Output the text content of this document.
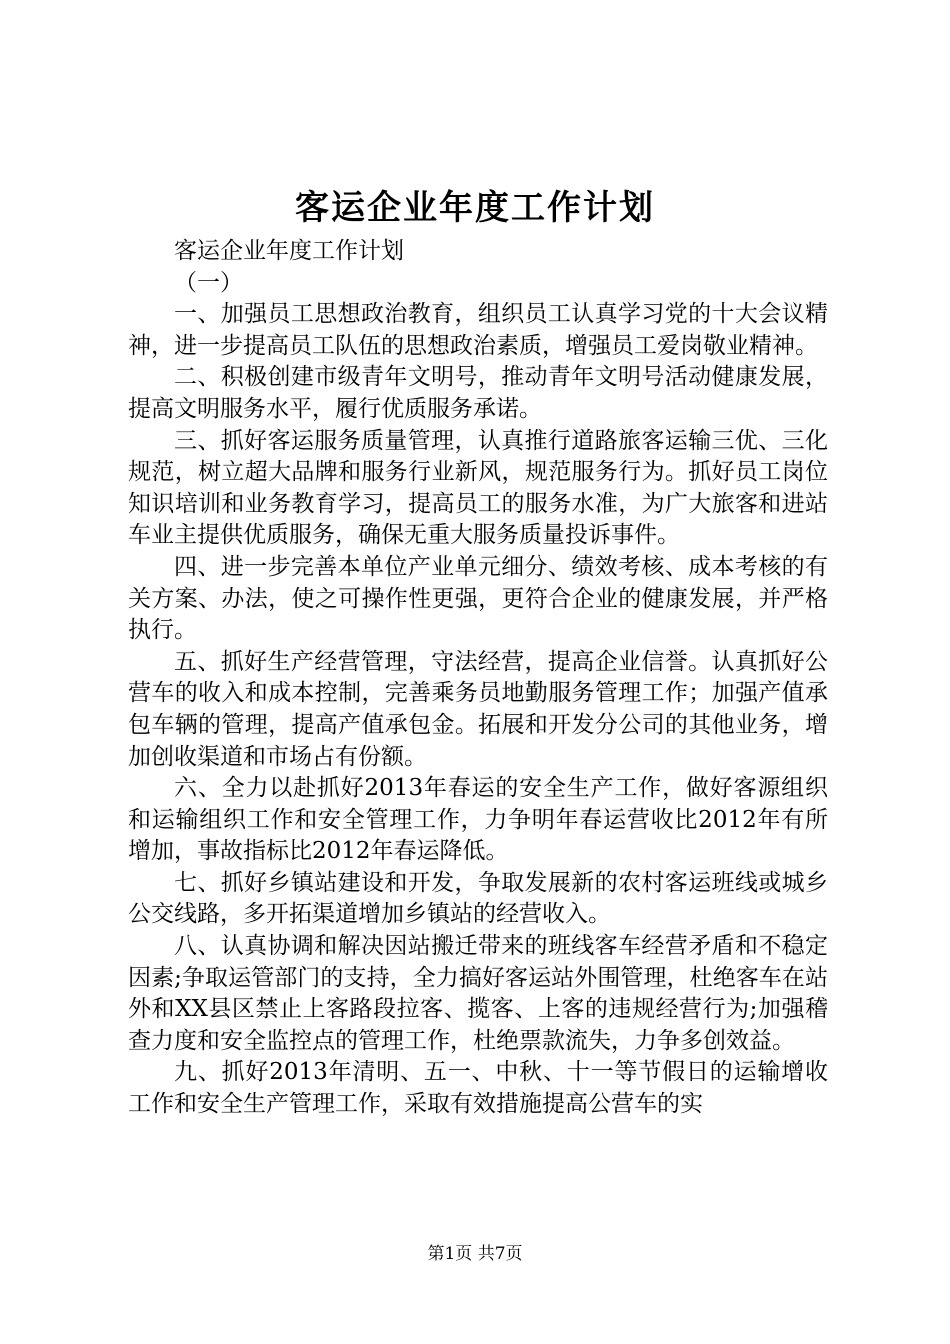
客运企业年度工作计划

客运企业年度工作计划

（一）

一、加强员工思想政治教育，组织员工认真学习党的十大会议精神，进一步提高员工队伍的思想政治素质，增强员工爱岗敬业精神。

二、积极创建市级青年文明号，推动青年文明号活动健康发展，提高文明服务水平，履行优质服务承诺。

三、抓好客运服务质量管理，认真推行道路旅客运输三优、三化规范，树立超大品牌和服务行业新风，规范服务行为。抓好员工岗位知识培训和业务教育学习，提高员工的服务水准，为广大旅客和进站车业主提供优质服务，确保无重大服务质量投诉事件。

四、进一步完善本单位产业单元细分、绩效考核、成本考核的有关方案、办法，使之可操作性更强，更符合企业的健康发展，并严格执行。

五、抓好生产经营管理，守法经营，提高企业信誉。认真抓好公营车的收入和成本控制，完善乘务员地勤服务管理工作；加强产值承包车辆的管理，提高产值承包金。拓展和开发分公司的其他业务，增加创收渠道和市场占有份额。

六、全力以赴抓好2013年春运的安全生产工作，做好客源组织和运输组织工作和安全管理工作，力争明年春运营收比2012年有所增加，事故指标比2012年春运降低。

七、抓好乡镇站建设和开发，争取发展新的农村客运班线或城乡公交线路，多开拓渠道增加乡镇站的经营收入。

八、认真协调和解决因站搬迁带来的班线客车经营矛盾和不稳定因素;争取运管部门的支持，全力搞好客运站外围管理，杜绝客车在站外和XX县区禁止上客路段拉客、揽客、上客的违规经营行为;加强稽查力度和安全监控点的管理工作，杜绝票款流失，力争多创效益。

九、抓好2013年清明、五一、中秋、十一等节假日的运输增收工作和安全生产管理工作，采取有效措施提高公营车的实

第1页 共7页
